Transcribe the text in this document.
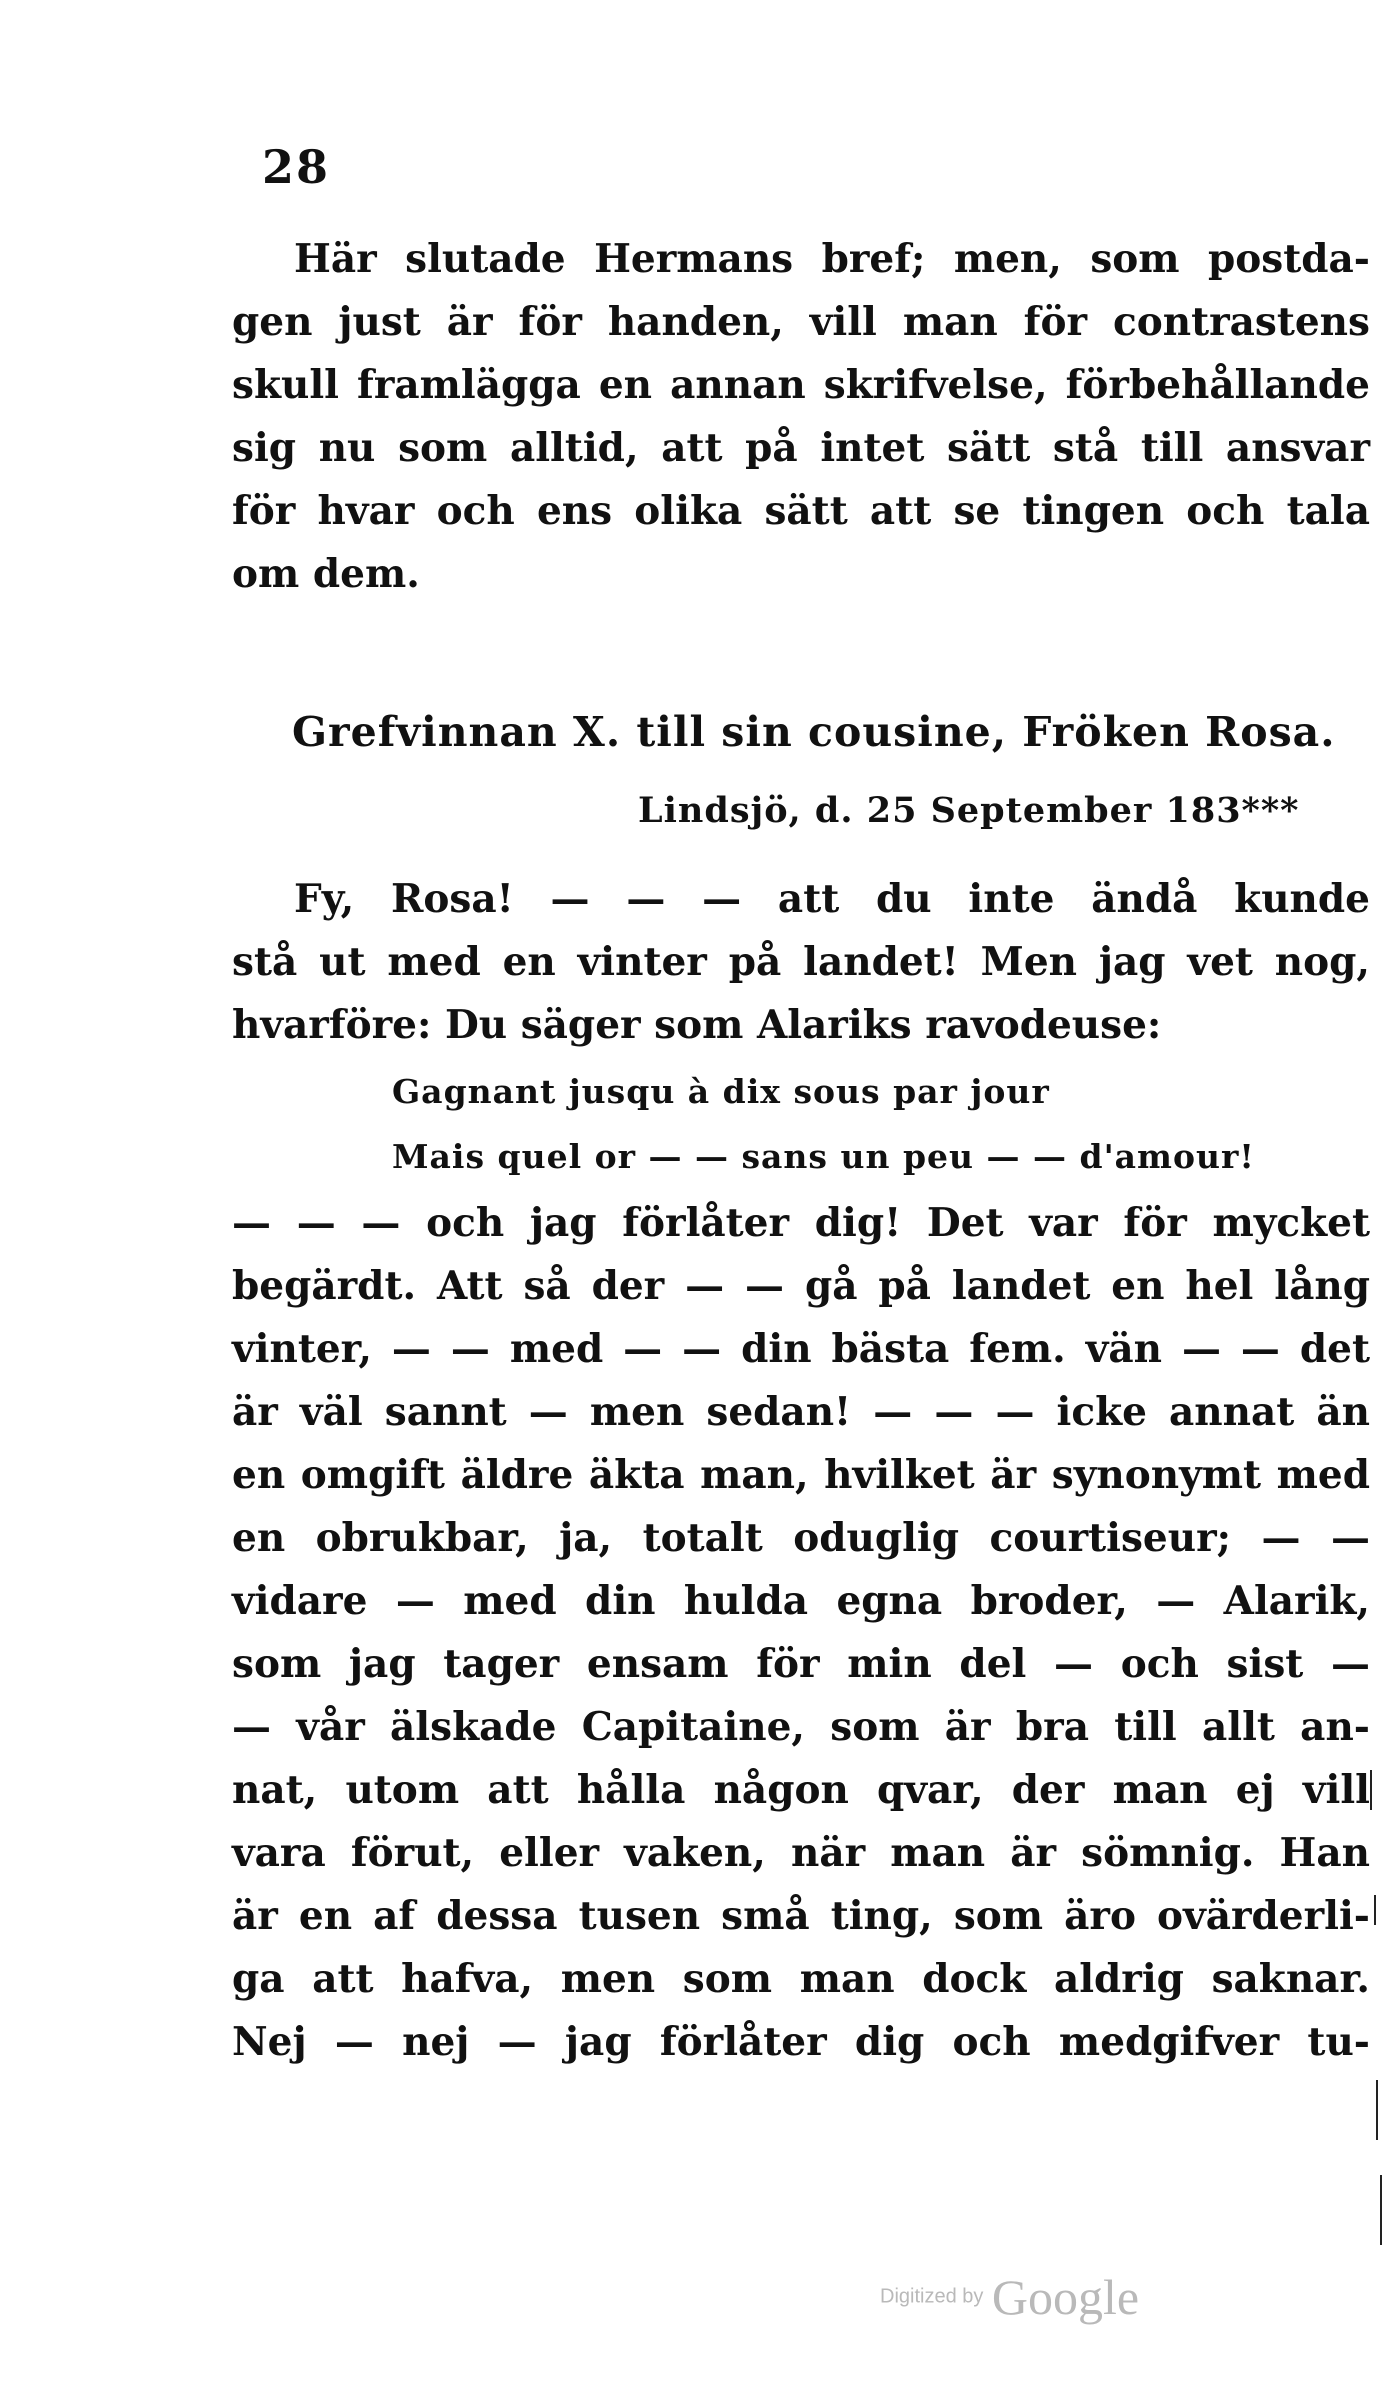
28
Här slutade Hermans bref; men, som postda-
gen just är för handen, vill man för contrastens
skull framlägga en annan skrifvelse, förbehållande
sig nu som alltid, att på intet sätt stå till ansvar
för hvar och ens olika sätt att se tingen och tala
om dem.
Grefvinnan X. till sin cousine, Fröken Rosa.
Lindsjö, d. 25 September 183***
Fy, Rosa! — — — att du inte ändå kunde
stå ut med en vinter på landet! Men jag vet nog,
hvarföre: Du säger som Alariks ravodeuse:
Gagnant jusqu à dix sous par jour
Mais quel or — — sans un peu — — d'amour!
— — — och jag förlåter dig! Det var för mycket
begärdt. Att så der — — gå på landet en hel lång
vinter, — — med — — din bästa fem. vän — — det
är väl sannt — men sedan! — — — icke annat än
en omgift äldre äkta man, hvilket är synonymt med
en obrukbar, ja, totalt oduglig courtiseur; — —
vidare — med din hulda egna broder, — Alarik,
som jag tager ensam för min del — och sist —
— vår älskade Capitaine, som är bra till allt an-
nat, utom att hålla någon qvar, der man ej vill
vara förut, eller vaken, när man är sömnig. Han
är en af dessa tusen små ting, som äro ovärderli-
ga att hafva, men som man dock aldrig saknar.
Nej — nej — jag förlåter dig och medgifver tu-
Digitized by Google
